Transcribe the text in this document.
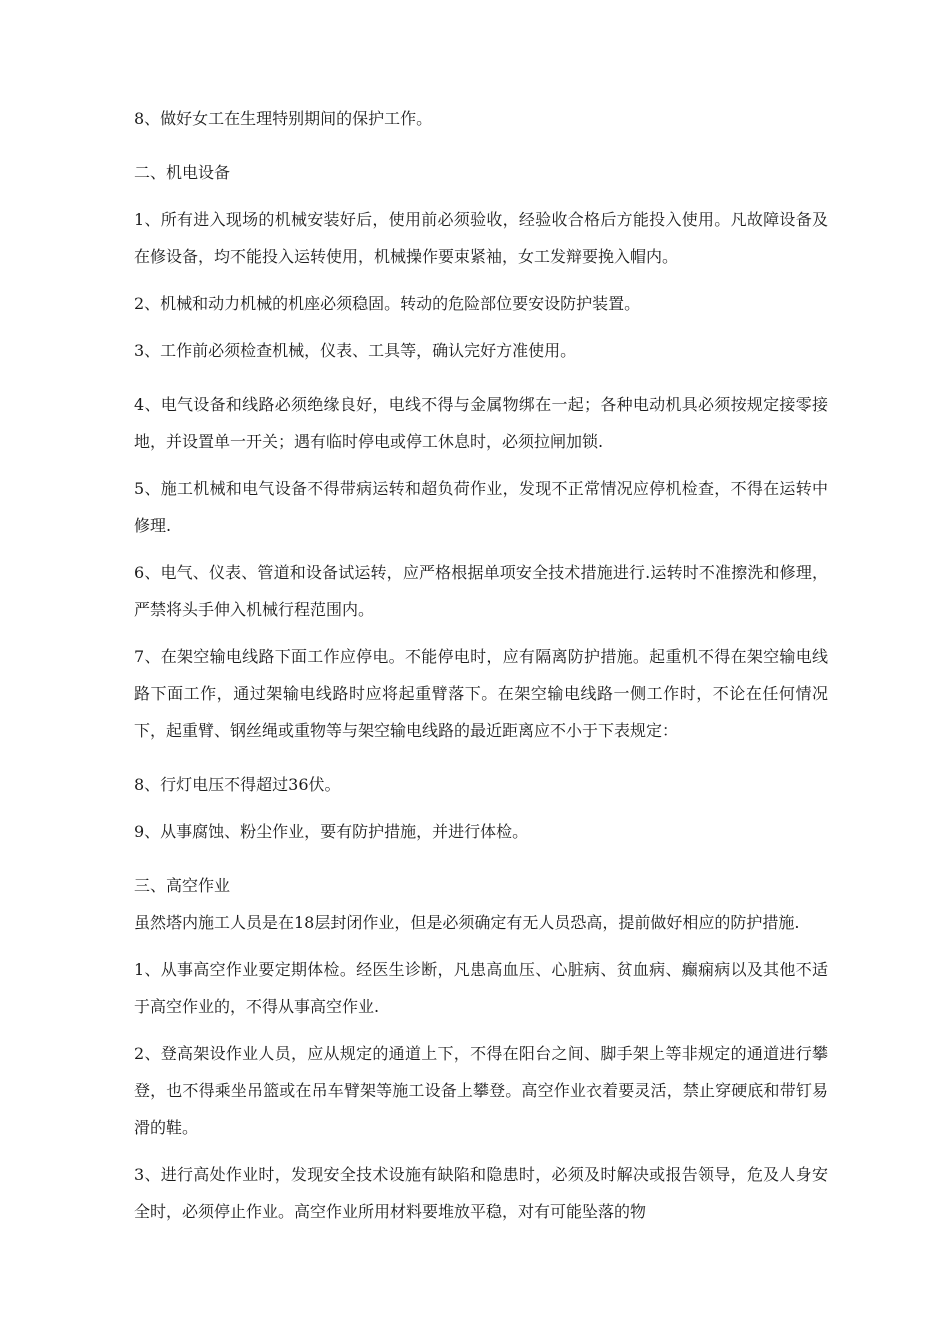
8、做好女工在生理特别期间的保护工作。

二、机电设备

1、所有进入现场的机械安装好后，使用前必须验收，经验收合格后方能投入使用。凡故障设备及在修设备，均不能投入运转使用，机械操作要束紧袖，女工发辩要挽入帽内。

2、机械和动力机械的机座必须稳固。转动的危险部位要安设防护装置。

3、工作前必须检查机械，仪表、工具等，确认完好方准使用。

4、电气设备和线路必须绝缘良好，电线不得与金属物绑在一起；各种电动机具必须按规定接零接地，并设置单一开关；遇有临时停电或停工休息时，必须拉闸加锁.

5、施工机械和电气设备不得带病运转和超负荷作业，发现不正常情况应停机检查，不得在运转中修理.

6、电气、仪表、管道和设备试运转，应严格根据单项安全技术措施进行.运转时不准擦洗和修理，严禁将头手伸入机械行程范围内。

7、在架空输电线路下面工作应停电。不能停电时，应有隔离防护措施。起重机不得在架空输电线路下面工作，通过架输电线路时应将起重臂落下。在架空输电线路一侧工作时，不论在任何情况下，起重臂、钢丝绳或重物等与架空输电线路的最近距离应不小于下表规定：

8、行灯电压不得超过36伏。

9、从事腐蚀、粉尘作业，要有防护措施，并进行体检。

三、高空作业

虽然塔内施工人员是在18层封闭作业，但是必须确定有无人员恐高，提前做好相应的防护措施.

1、从事高空作业要定期体检。经医生诊断，凡患高血压、心脏病、贫血病、癫痫病以及其他不适于高空作业的，不得从事高空作业.

2、登高架设作业人员，应从规定的通道上下，不得在阳台之间、脚手架上等非规定的通道进行攀登，也不得乘坐吊篮或在吊车臂架等施工设备上攀登。高空作业衣着要灵活，禁止穿硬底和带钉易滑的鞋。

3、进行高处作业时，发现安全技术设施有缺陷和隐患时，必须及时解决或报告领导，危及人身安全时，必须停止作业。高空作业所用材料要堆放平稳，对有可能坠落的物
